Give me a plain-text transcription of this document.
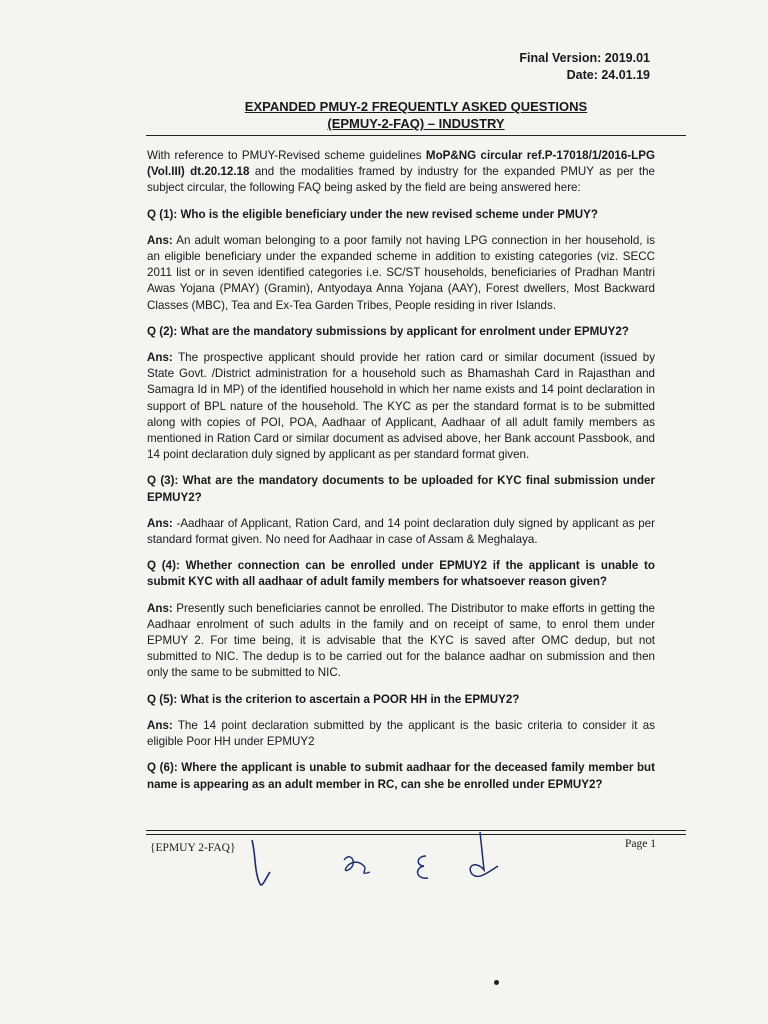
Final Version: 2019.01
Date: 24.01.19
EXPANDED PMUY-2 FREQUENTLY ASKED QUESTIONS
(EPMUY-2-FAQ) – INDUSTRY

With reference to PMUY-Revised scheme guidelines MoP&NG circular ref.P-17018/1/2016-LPG (Vol.III) dt.20.12.18 and the modalities framed by industry for the expanded PMUY as per the subject circular, the following FAQ being asked by the field are being answered here:

Q (1): Who is the eligible beneficiary under the new revised scheme under PMUY?

Ans: An adult woman belonging to a poor family not having LPG connection in her household, is an eligible beneficiary under the expanded scheme in addition to existing categories (viz. SECC 2011 list or in seven identified categories i.e. SC/ST households, beneficiaries of Pradhan Mantri Awas Yojana (PMAY) (Gramin), Antyodaya Anna Yojana (AAY), Forest dwellers, Most Backward Classes (MBC), Tea and Ex-Tea Garden Tribes, People residing in river Islands.

Q (2): What are the mandatory submissions by applicant for enrolment under EPMUY2?

Ans: The prospective applicant should provide her ration card or similar document (issued by State Govt. /District administration for a household such as Bhamashah Card in Rajasthan and Samagra Id in MP) of the identified household in which her name exists and 14 point declaration in support of BPL nature of the household. The KYC as per the standard format is to be submitted along with copies of POI, POA, Aadhaar of Applicant, Aadhaar of all adult family members as mentioned in Ration Card or similar document as advised above, her Bank account Passbook, and 14 point declaration duly signed by applicant as per standard format given.

Q (3): What are the mandatory documents to be uploaded for KYC final submission under EPMUY2?

Ans: -Aadhaar of Applicant, Ration Card, and 14 point declaration duly signed by applicant as per standard format given. No need for Aadhaar in case of Assam & Meghalaya.

Q (4): Whether connection can be enrolled under EPMUY2 if the applicant is unable to submit KYC with all aadhaar of adult family members for whatsoever reason given?

Ans: Presently such beneficiaries cannot be enrolled. The Distributor to make efforts in getting the Aadhaar enrolment of such adults in the family and on receipt of same, to enrol them under EPMUY 2. For time being, it is advisable that the KYC is saved after OMC dedup, but not submitted to NIC. The dedup is to be carried out for the balance aadhar on submission and then only the same to be submitted to NIC.

Q (5): What is the criterion to ascertain a POOR HH in the EPMUY2?

Ans: The 14 point declaration submitted by the applicant is the basic criteria to consider it as eligible Poor HH under EPMUY2

Q (6): Where the applicant is unable to submit aadhaar for the deceased family member but name is appearing as an adult member in RC, can she be enrolled under EPMUY2?

{EPMUY 2-FAQ}	Page 1
